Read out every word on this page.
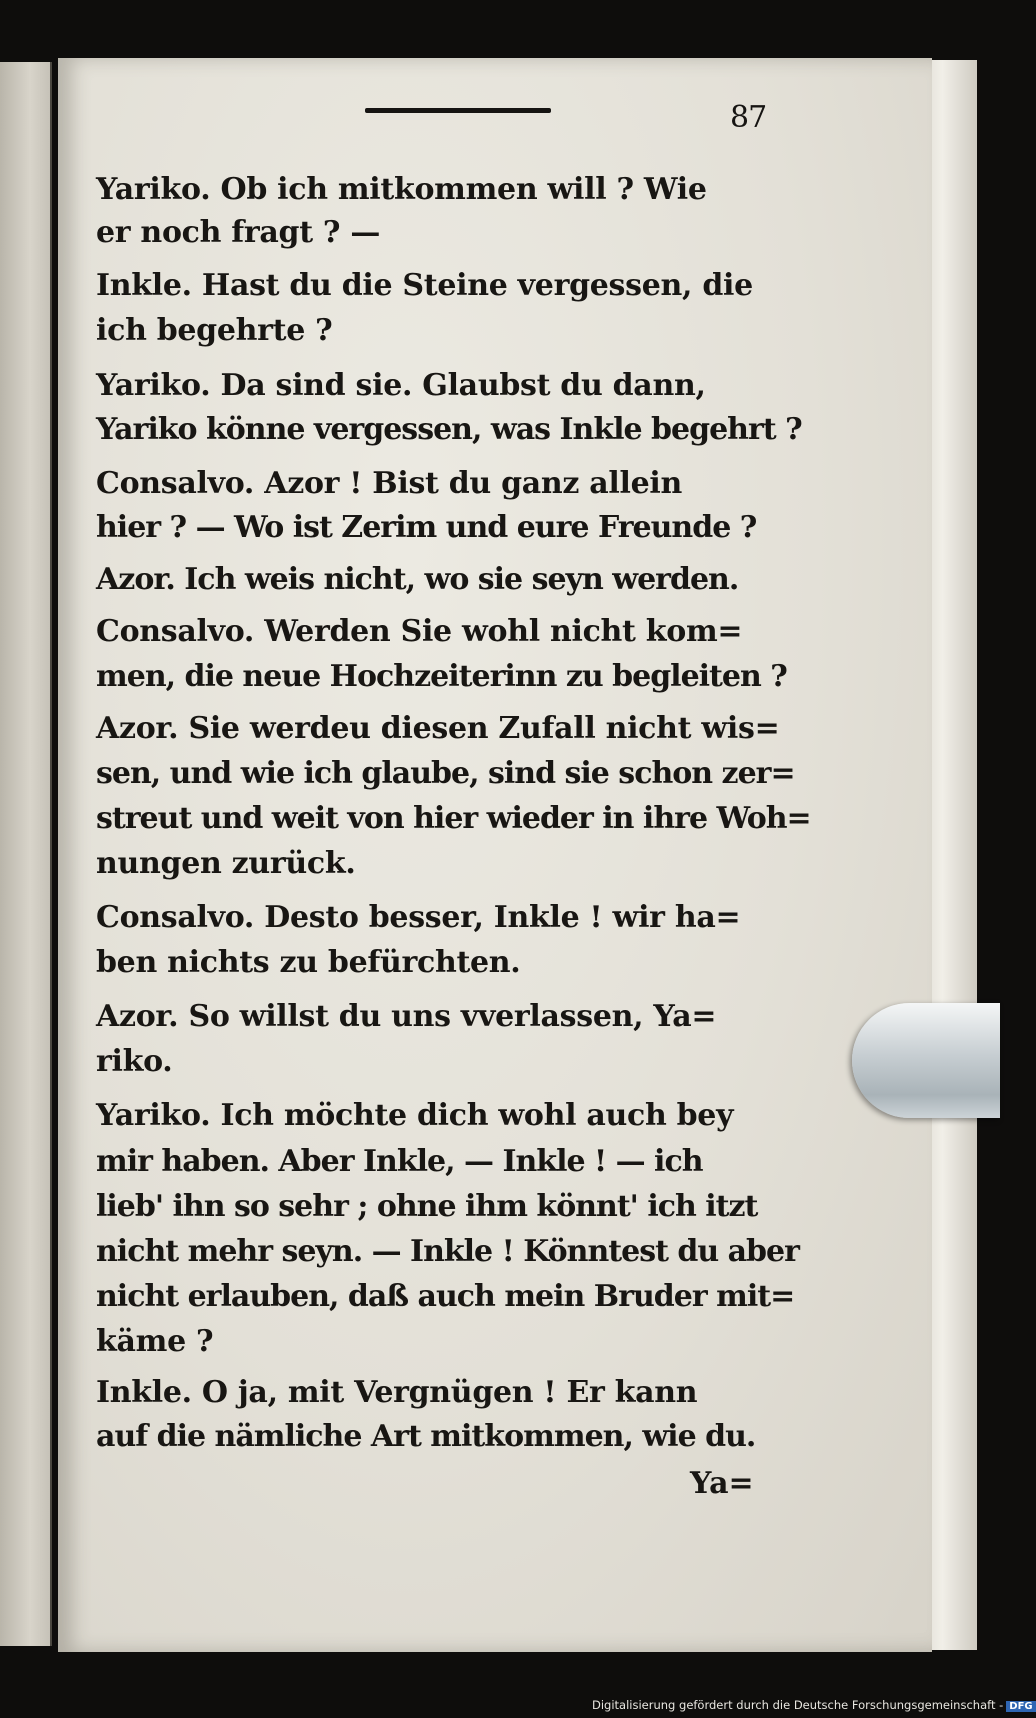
87
Yariko. Ob ich mitkommen will ? Wie
er noch fragt ? —
Inkle. Hast du die Steine vergessen, die
ich begehrte ?
Yariko. Da sind sie. Glaubst du dann,
Yariko könne vergessen, was Inkle begehrt ?
Consalvo. Azor ! Bist du ganz allein
hier ? — Wo ist Zerim und eure Freunde ?
Azor. Ich weis nicht, wo sie seyn werden.
Consalvo. Werden Sie wohl nicht kom=
men, die neue Hochzeiterinn zu begleiten ?
Azor. Sie werdeu diesen Zufall nicht wis=
sen, und wie ich glaube, sind sie schon zer=
streut und weit von hier wieder in ihre Woh=
nungen zurück.
Consalvo. Desto besser, Inkle ! wir ha=
ben nichts zu befürchten.
Azor. So willst du uns vverlassen, Ya=
riko.
Yariko. Ich möchte dich wohl auch bey
mir haben. Aber Inkle, — Inkle ! — ich
lieb' ihn so sehr ; ohne ihm könnt' ich itzt
nicht mehr seyn. — Inkle ! Könntest du aber
nicht erlauben, daß auch mein Bruder mit=
käme ?
Inkle. O ja, mit Vergnügen ! Er kann
auf die nämliche Art mitkommen, wie du.
Ya=
Digitalisierung gefördert durch die Deutsche Forschungsgemeinschaft - DFG
